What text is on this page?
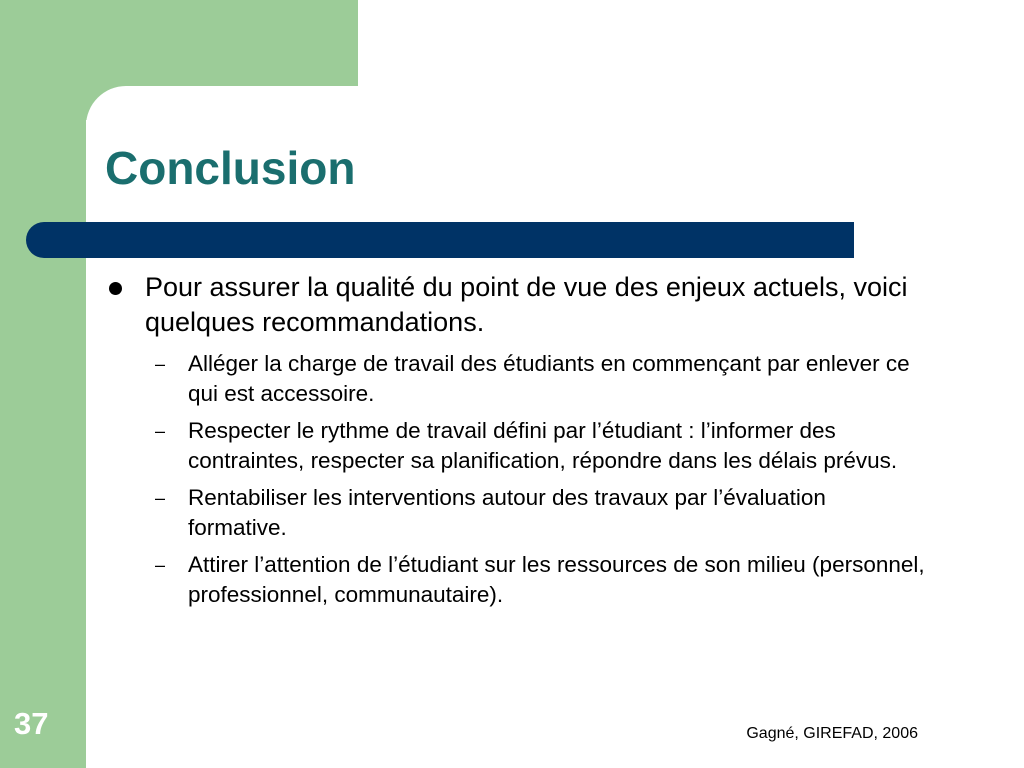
Conclusion
Pour assurer la qualité du point de vue des enjeux actuels, voici quelques recommandations.
– Alléger la charge de travail des étudiants en commençant par enlever ce qui est accessoire.
– Respecter le rythme de travail défini par l’étudiant : l’informer des contraintes, respecter sa planification, répondre dans les délais prévus.
– Rentabiliser les interventions autour des travaux par l’évaluation formative.
– Attirer l’attention de l’étudiant sur les ressources de son milieu (personnel, professionnel, communautaire).
37	Gagné, GIREFAD, 2006
